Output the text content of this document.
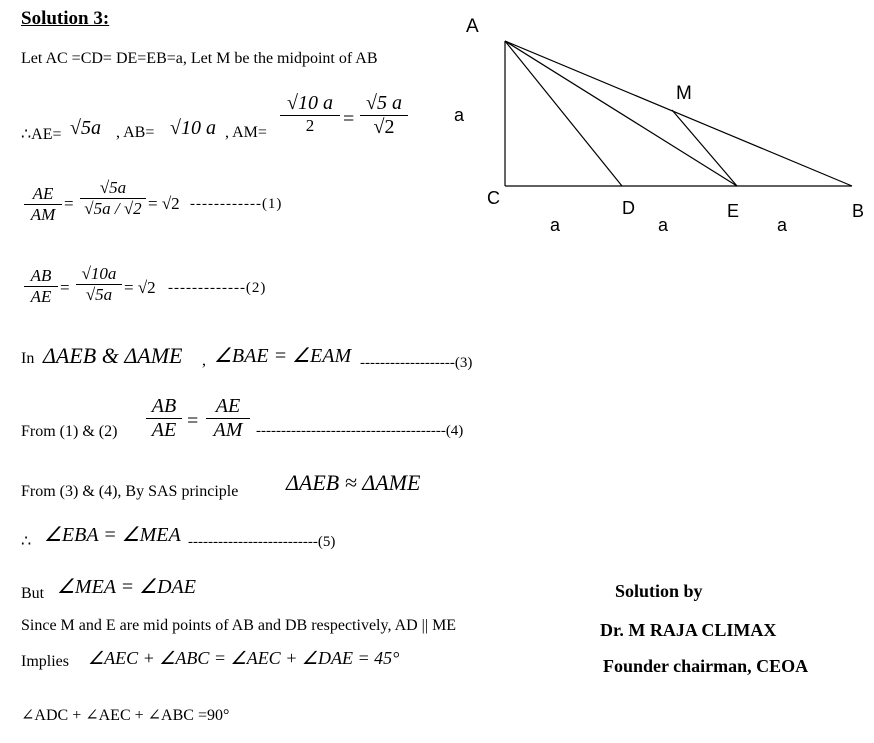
Solution 3:
Let AC =CD= DE=EB=a, Let M be the midpoint of AB
∴AE= √5a , AB= √10 a , $AM= \frac{√10 a}{2} = \frac{√5 a}{√2}$
$\frac{AE}{AM} = \frac{√5a}{√5a / √2} = √2$ ------------(1)
$\frac{AB}{AE} = \frac{√10a}{√5a} = √2$ -------------(2)
In ΔAEB & ΔAME , ∠BAE = ∠EAM -------------------(3)
From (1) & $(2) \frac{AB}{AE} = \frac{AE}{AM} --------------------------------------(4)$
From (3) & (4), By SAS principle ΔAEB ≈ ΔAME
∴ ∠EBA = ∠MEA --------------------------(5)
But ∠MEA = ∠DAE
Since M and E are mid points of AB and DB respectively, AD || ME
Implies ∠AEC + ∠ABC = ∠AEC + ∠DAE = 45°
∠ADC + ∠AEC + ∠ABC =90°
Solution by
Dr. M RAJA CLIMAX
Founder chairman, CEOA
A
M
a
C	D	E	B
a	a	a
